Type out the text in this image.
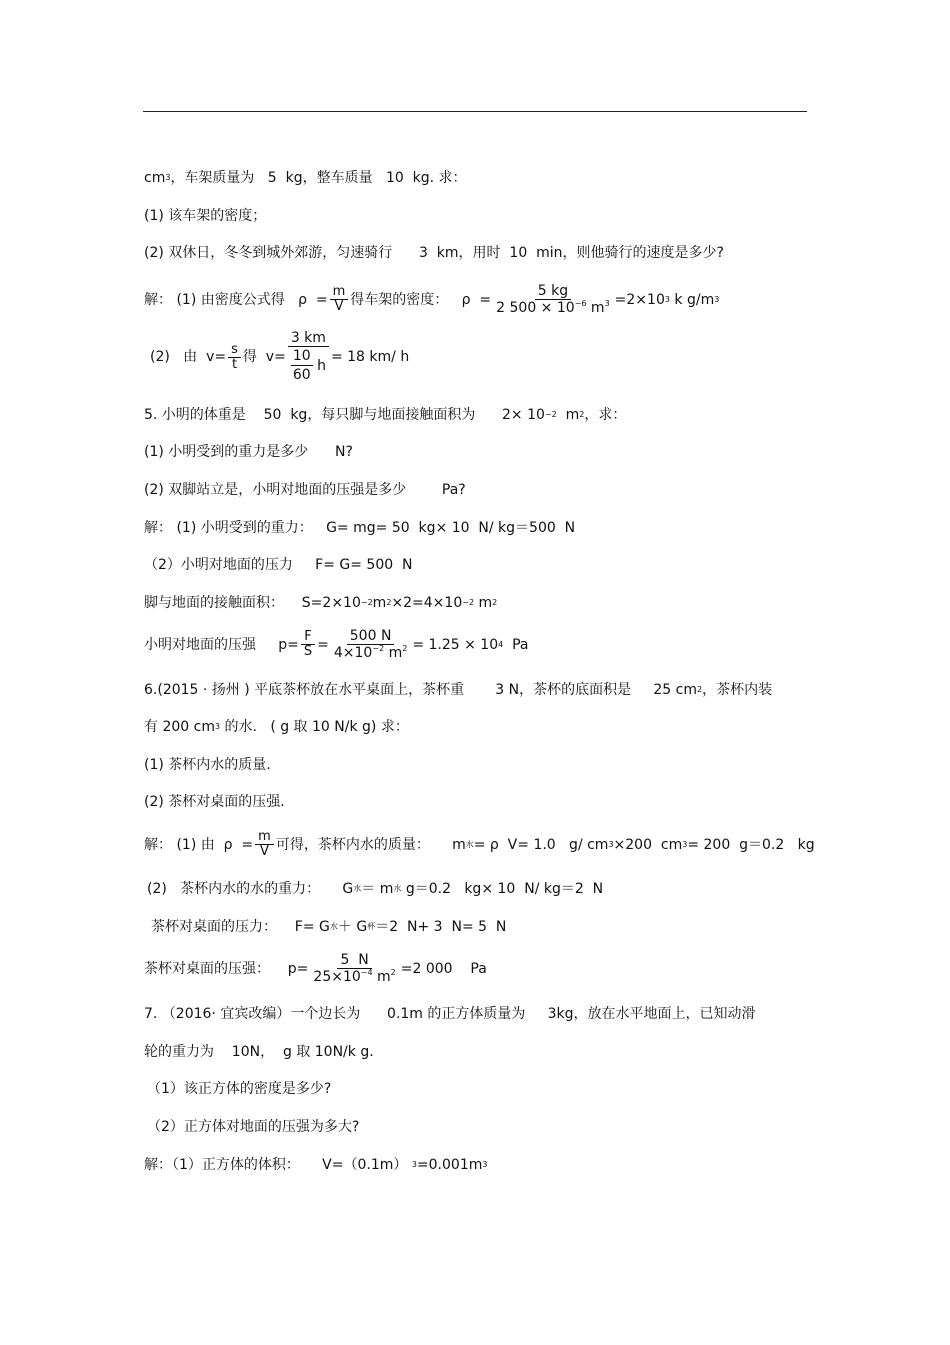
cm 3 ，车架质量为   5  kg，整车质量   10  kg. 求：
(1) 该车架的密度；
(2) 双休日，冬冬到城外郊游，匀速骑行      3  km，用时  10  min，则他骑行的速度是多少?
解： (1) 由密度公式得   $\rho = \frac{m}{V}$ 得车架的密度：   $\rho = \frac{5 kg}{2 500 \times 10^{-6} m^3} =2\times 10$ 3 k g/m 3
(2)   由  $v= \frac{s}{t}$ 得  v= 3 km
10
60
h = 18 km/ h
5. 小明的体重是    50  kg，每只脚与地面接触面积为      2× 10 −2 m 2 ，求：
(1) 小明受到的重力是多少      N?
(2) 双脚站立是，小明对地面的压强是多少        Pa?
解： (1) 小明受到的重力：   G= mg= 50  kg× 10  N/ kg＝500  N
（2）小明对地面的压力     F= G= 500  N
脚与地面的接触面积：    S=2×10 −2 m 2 ×2=4×10 −2 m 2
小明对地面的压强     $p= \frac{F}{S} = \frac{500 N}{4\times 10^{-2} m^2} = 1.25 \times 10$ 4 Pa
6.(2015 · 扬州 ) 平底茶杯放在水平桌面上，茶杯重       3 N，茶杯的底面积是     25 cm 2 ，茶杯内装
有 200 cm 3 的水.   ( g 取 10 N/k g) 求：
(1) 茶杯内水的质量.
(2) 茶杯对桌面的压强.
解： (1) 由  $\rho = \frac{m}{V}$ 可得，茶杯内水的质量：     m 水 = ρ  V= 1.0   g/ cm 3 ×200  cm 3 = 200  g＝0.2   kg
(2)   茶杯内水的水的重力：     G 水 ＝ m 水 g＝0.2   kg× 10  N/ kg＝2  N
茶杯对桌面的压力：    F= G 水 ＋ G 杯 ＝2  N+ 3  N= 5  N
茶杯对桌面的压强：    $p= \frac{5 N}{25\times 10^{-4} m^2} =2$ 000    Pa
7. （2016· 宜宾改编）一个边长为      0.1m 的正方体质量为     3kg，放在水平地面上，已知动滑
轮的重力为    10N，  g 取 10N/k g.
（1）该正方体的密度是多少?
（2）正方体对地面的压强为多大?
解：（1）正方体的体积：     V=（0.1m） 3 =0.001m 3
